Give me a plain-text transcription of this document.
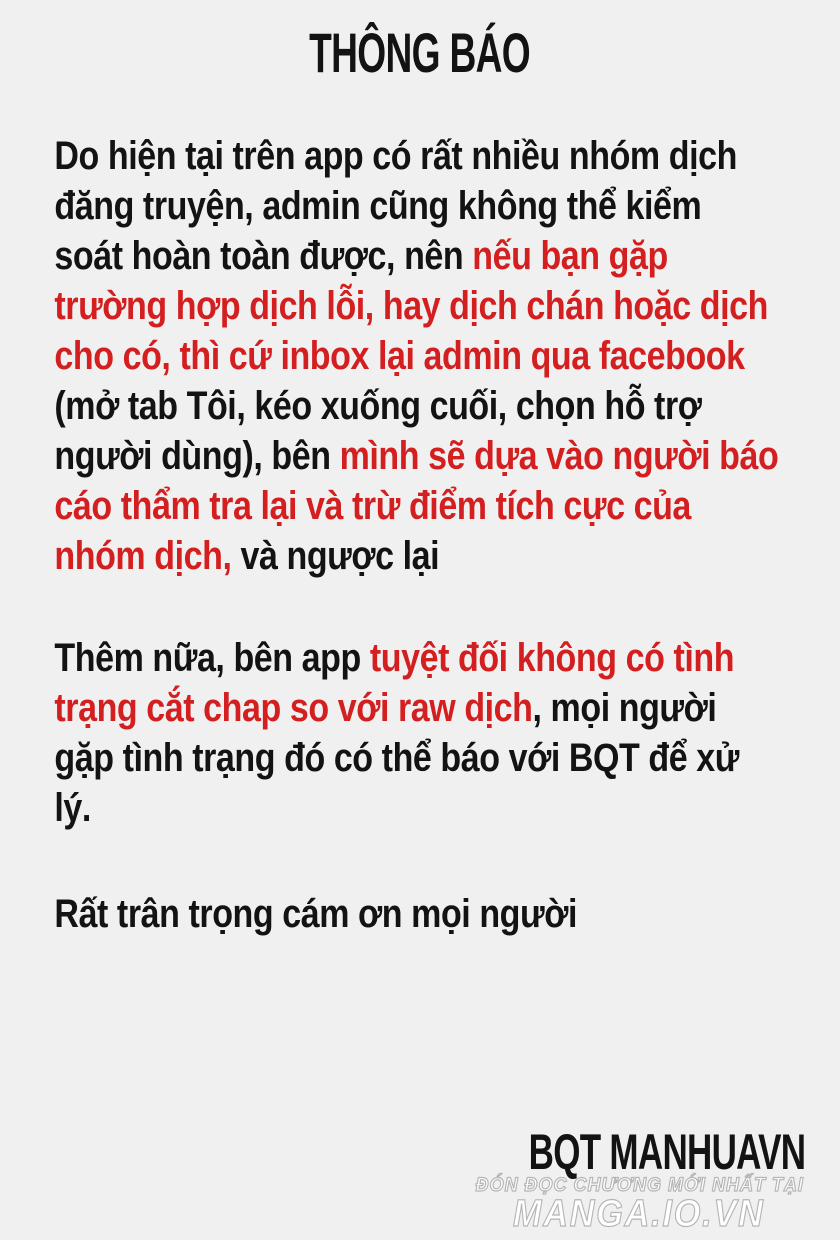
THÔNG BÁO
Do hiện tại trên app có rất nhiều nhóm dịch
đăng truyện, admin cũng không thể kiểm
soát hoàn toàn được, nên nếu bạn gặp
trường hợp dịch lỗi, hay dịch chán hoặc dịch
cho có, thì cứ inbox lại admin qua facebook
(mở tab Tôi, kéo xuống cuối, chọn hỗ trợ
người dùng), bên mình sẽ dựa vào người báo
cáo thẩm tra lại và trừ điểm tích cực của
nhóm dịch, và ngược lại
Thêm nữa, bên app tuyệt đối không có tình
trạng cắt chap so với raw dịch, mọi người
gặp tình trạng đó có thể báo với BQT để xử
lý.
Rất trân trọng cám ơn mọi người
BQT MANHUAVN
ĐÓN ĐỌC CHƯƠNG MỚI NHẤT TẠI
MANGA.IO.VN
